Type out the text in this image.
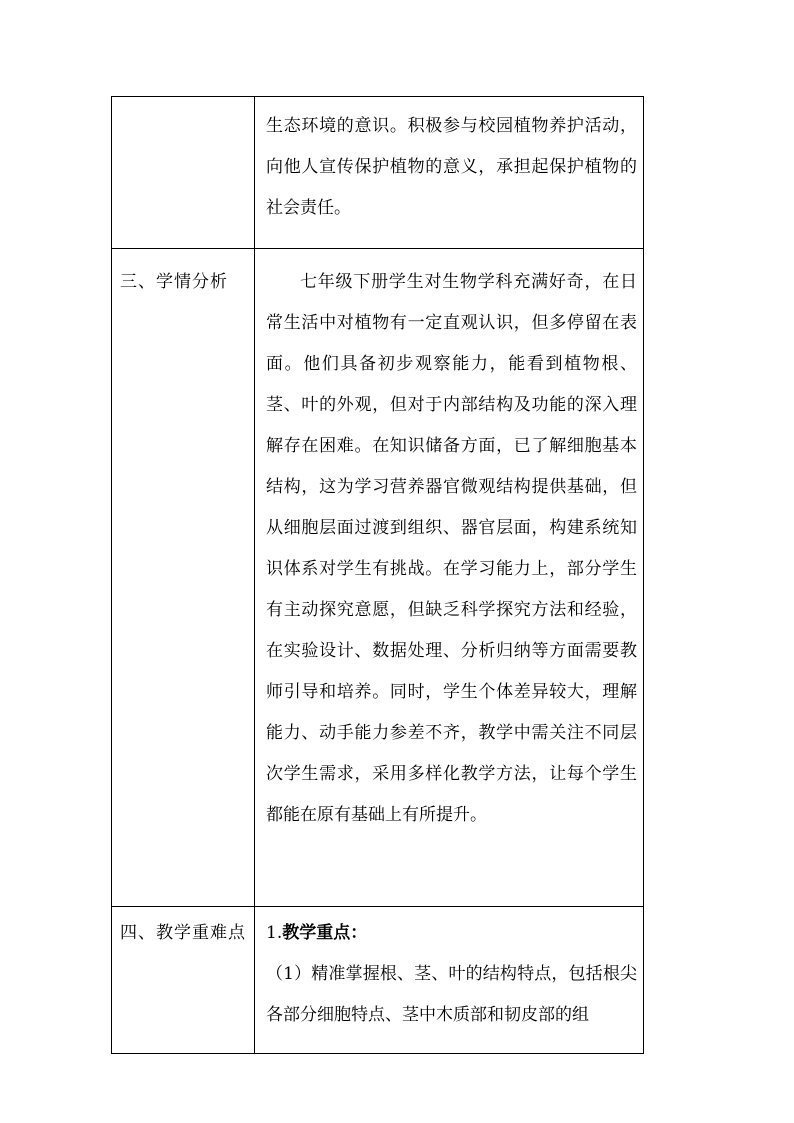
	生态环境的意识。积极参与校园植物养护活动，向他人宣传保护植物的意义，承担起保护植物的社会责任。

三、学情分析	七年级下册学生对生物学科充满好奇，在日常生活中对植物有一定直观认识，但多停留在表面。他们具备初步观察能力，能看到植物根、茎、叶的外观，但对于内部结构及功能的深入理解存在困难。在知识储备方面，已了解细胞基本结构，这为学习营养器官微观结构提供基础，但从细胞层面过渡到组织、器官层面，构建系统知识体系对学生有挑战。在学习能力上，部分学生有主动探究意愿，但缺乏科学探究方法和经验，在实验设计、数据处理、分析归纳等方面需要教师引导和培养。同时，学生个体差异较大，理解能力、动手能力参差不齐，教学中需关注不同层次学生需求，采用多样化教学方法，让每个学生都能在原有基础上有所提升。

四、教学重难点	1.教学重点：

（1）精准掌握根、茎、叶的结构特点，包括根尖各部分细胞特点、茎中木质部和韧皮部的组
